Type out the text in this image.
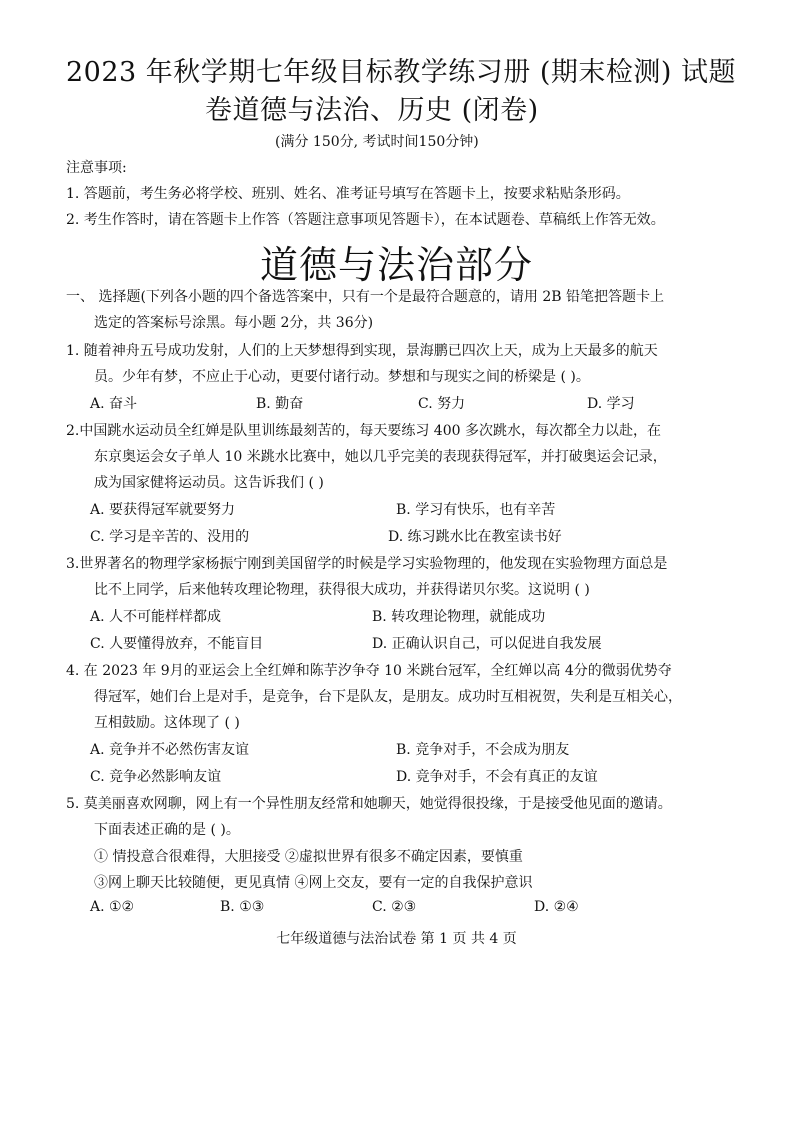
2023 年秋学期七年级目标教学练习册 (期末检测) 试题
卷道德与法治、历史 (闭卷)
(满分 150分, 考试时间150分钟)
注意事项:
1. 答题前，考生务必将学校、班别、姓名、准考证号填写在答题卡上，按要求粘贴条形码。
2. 考生作答时，请在答题卡上作答（答题注意事项见答题卡），在本试题卷、草稿纸上作答无效。
道德与法治部分
一、 选择题(下列各小题的四个备选答案中，只有一个是最符合题意的，请用 2B 铅笔把答题卡上
选定的答案标号涂黑。每小题 2分，共 36分)
1. 随着神舟五号成功发射，人们的上天梦想得到实现，景海鹏已四次上天，成为上天最多的航天
员。少年有梦，不应止于心动，更要付诸行动。梦想和与现实之间的桥梁是 ( )。
A. 奋斗	B. 勤奋	C. 努力	D. 学习
2.中国跳水运动员全红婵是队里训练最刻苦的，每天要练习 400 多次跳水，每次都全力以赴，在
东京奥运会女子单人 10 米跳水比赛中，她以几乎完美的表现获得冠军，并打破奥运会记录，
成为国家健将运动员。这告诉我们 ( )
A. 要获得冠军就要努力	B. 学习有快乐，也有辛苦
C. 学习是辛苦的、没用的	D. 练习跳水比在教室读书好
3.世界著名的物理学家杨振宁刚到美国留学的时候是学习实验物理的，他发现在实验物理方面总是
比不上同学，后来他转攻理论物理，获得很大成功，并获得诺贝尔奖。这说明 ( )
A. 人不可能样样都成	B. 转攻理论物理，就能成功
C. 人要懂得放弃，不能盲目	D. 正确认识自己，可以促进自我发展
4. 在 2023 年 9月的亚运会上全红婵和陈芋汐争夺 10 米跳台冠军，全红婵以高 4分的微弱优势夺
得冠军，她们台上是对手，是竞争，台下是队友，是朋友。成功时互相祝贺，失利是互相关心，
互相鼓励。这体现了 ( )
A. 竞争并不必然伤害友谊	B. 竞争对手，不会成为朋友
C. 竞争必然影响友谊	D. 竞争对手，不会有真正的友谊
5. 莫美丽喜欢网聊，网上有一个异性朋友经常和她聊天，她觉得很投缘，于是接受他见面的邀请。
下面表述正确的是 ( )。
① 情投意合很难得，大胆接受 ②虚拟世界有很多不确定因素，要慎重
③网上聊天比较随便，更见真情 ④网上交友，要有一定的自我保护意识
A. ①②	B. ①③	C. ②③	D. ②④
七年级道德与法治试卷 第 1 页 共 4 页
